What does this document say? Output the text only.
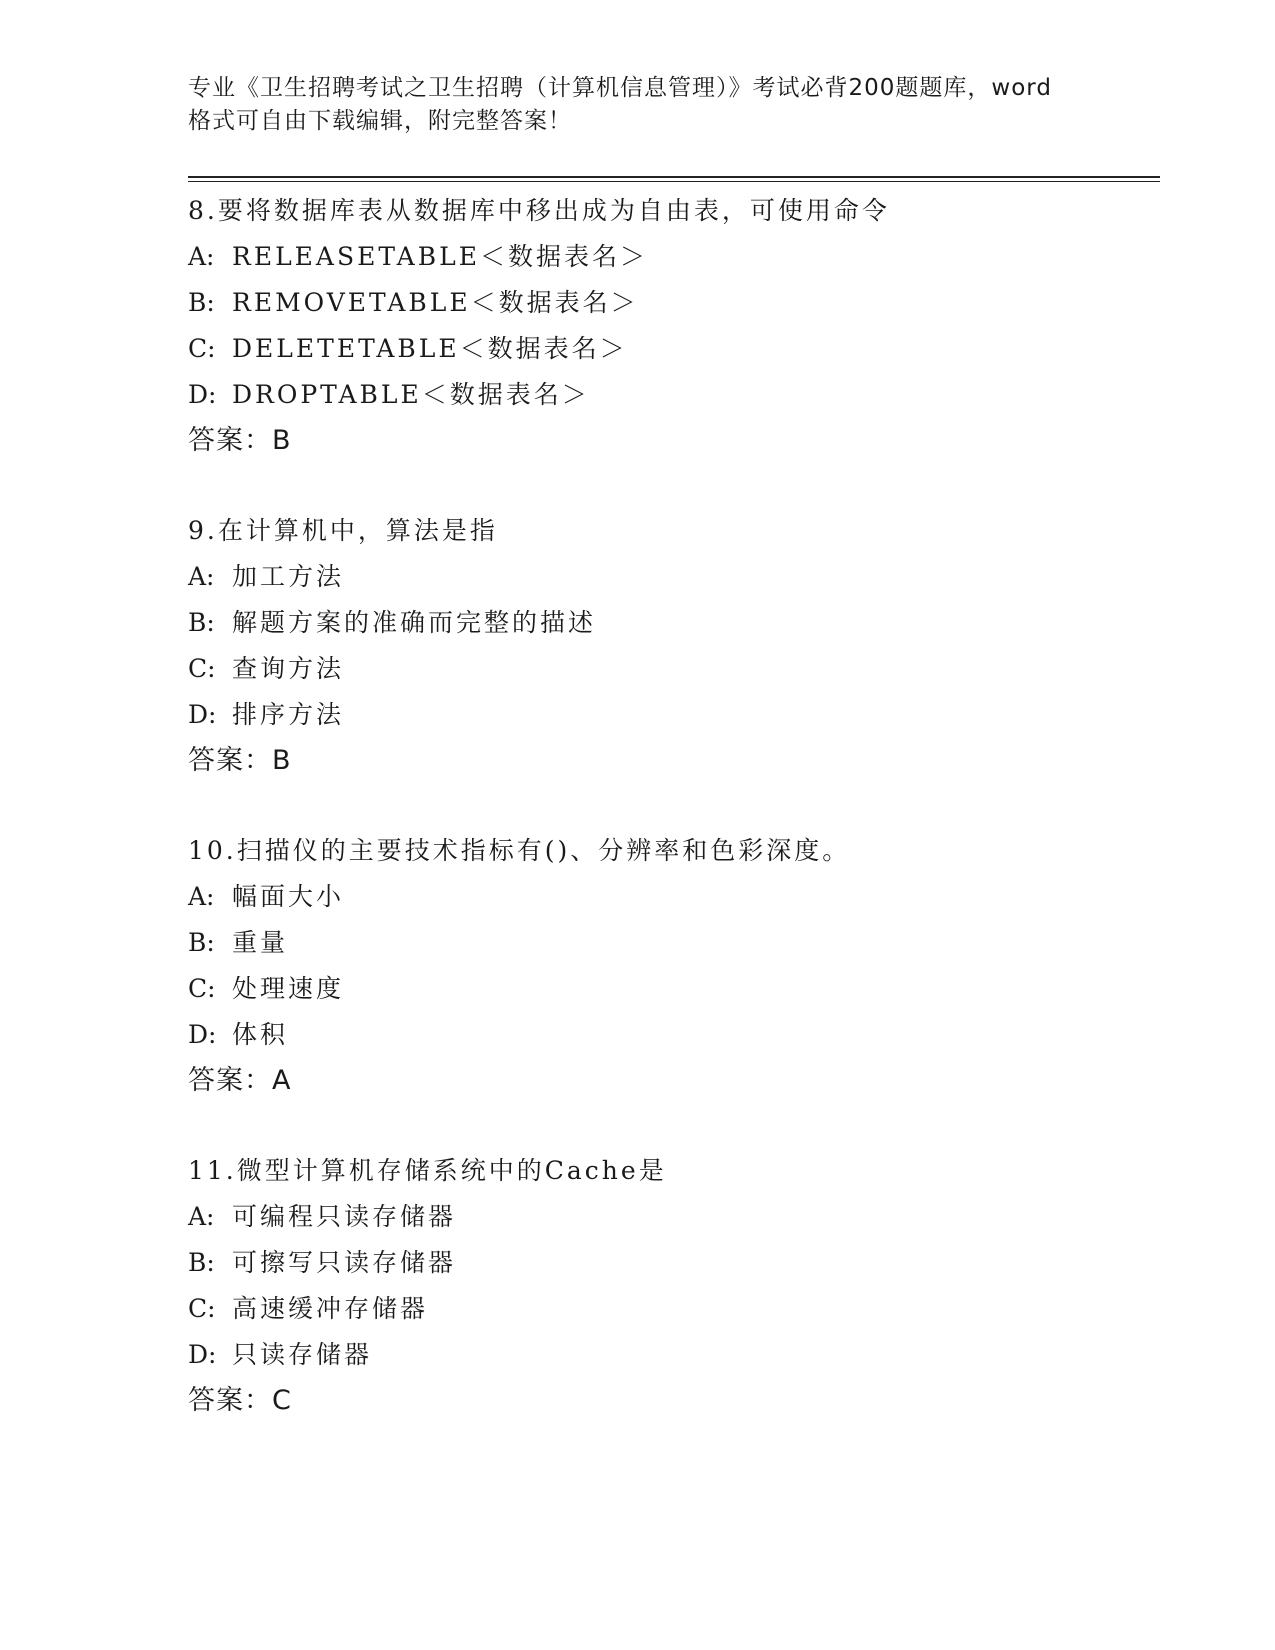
专业《卫生招聘考试之卫生招聘（计算机信息管理）》考试必背200题题库，word
格式可自由下载编辑，附完整答案！
8.要将数据库表从数据库中移出成为自由表，可使用命令
A: RELEASETABLE＜数据表名＞
B: REMOVETABLE＜数据表名＞
C: DELETETABLE＜数据表名＞
D: DROPTABLE＜数据表名＞
答案：B
9.在计算机中，算法是指
A: 加工方法
B: 解题方案的准确而完整的描述
C: 查询方法
D: 排序方法
答案：B
10.扫描仪的主要技术指标有()、分辨率和色彩深度。
A: 幅面大小
B: 重量
C: 处理速度
D: 体积
答案：A
11.微型计算机存储系统中的Cache是
A: 可编程只读存储器
B: 可擦写只读存储器
C: 高速缓冲存储器
D: 只读存储器
答案：C
